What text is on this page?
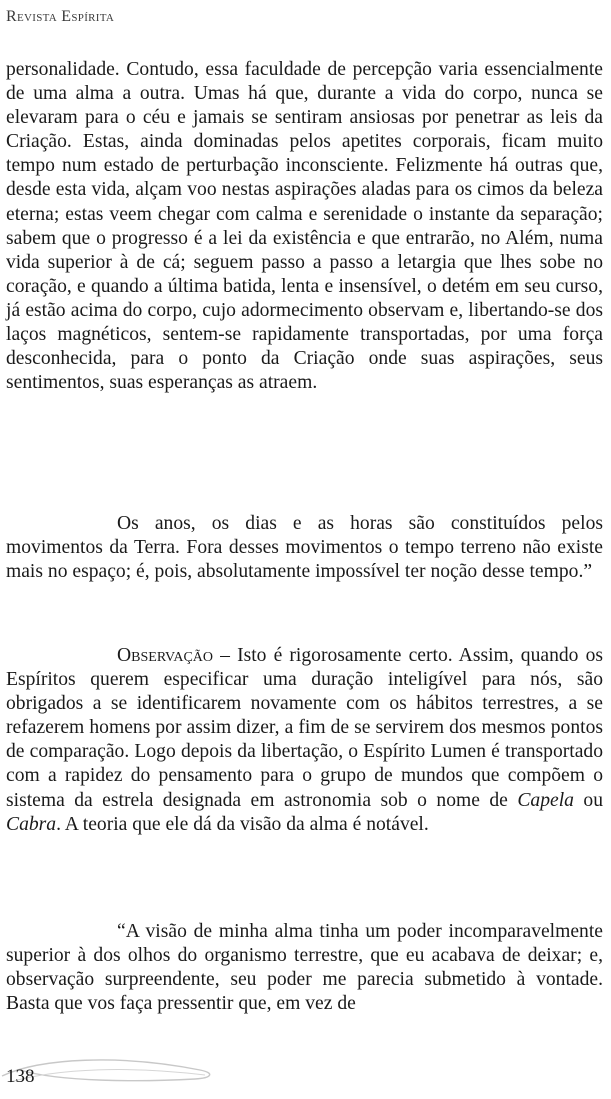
Revista Espírita

personalidade. Contudo, essa faculdade de percepção varia essencialmente de uma alma a outra. Umas há que, durante a vida do corpo, nunca se elevaram para o céu e jamais se sentiram ansiosas por penetrar as leis da Criação. Estas, ainda dominadas pelos apetites corporais, ficam muito tempo num estado de perturbação inconsciente. Felizmente há outras que, desde esta vida, alçam voo nestas aspirações aladas para os cimos da beleza eterna; estas veem chegar com calma e serenidade o instante da separação; sabem que o progresso é a lei da existência e que entrarão, no Além, numa vida superior à de cá; seguem passo a passo a letargia que lhes sobe no coração, e quando a última batida, lenta e insensível, o detém em seu curso, já estão acima do corpo, cujo adormecimento observam e, libertando-se dos laços magnéticos, sentem-se rapidamente transportadas, por uma força desconhecida, para o ponto da Criação onde suas aspirações, seus sentimentos, suas esperanças as atraem.

Os anos, os dias e as horas são constituídos pelos movimentos da Terra. Fora desses movimentos o tempo terreno não existe mais no espaço; é, pois, absolutamente impossível ter noção desse tempo.”

Observação – Isto é rigorosamente certo. Assim, quando os Espíritos querem especificar uma duração inteligível para nós, são obrigados a se identificarem novamente com os hábitos terrestres, a se refazerem homens por assim dizer, a fim de se servirem dos mesmos pontos de comparação. Logo depois da libertação, o Espírito Lumen é transportado com a rapidez do pensamento para o grupo de mundos que compõem o sistema da estrela designada em astronomia sob o nome de Capela ou Cabra. A teoria que ele dá da visão da alma é notável.

“A visão de minha alma tinha um poder incomparavelmente superior à dos olhos do organismo terrestre, que eu acabava de deixar; e, observação surpreendente, seu poder me parecia submetido à vontade. Basta que vos faça pressentir que, em vez de

138
